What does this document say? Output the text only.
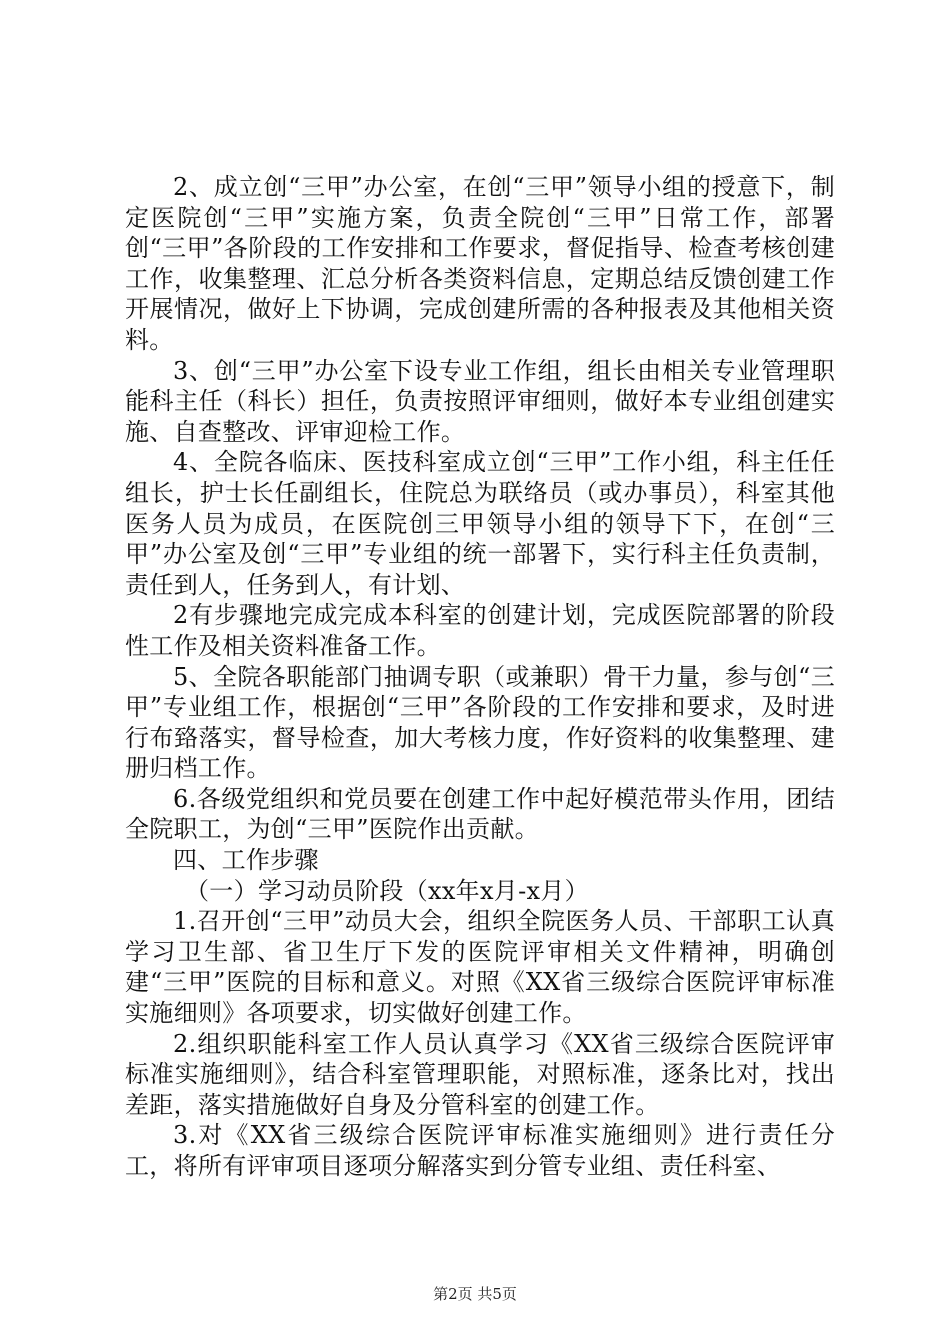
2、成立创“三甲”办公室，在创“三甲”领导小组的授意下，制定医院创“三甲”实施方案，负责全院创“三甲”日常工作，部署创“三甲”各阶段的工作安排和工作要求，督促指导、检查考核创建工作，收集整理、汇总分析各类资料信息，定期总结反馈创建工作开展情况，做好上下协调，完成创建所需的各种报表及其他相关资料。

3、创“三甲”办公室下设专业工作组，组长由相关专业管理职能科主任（科长）担任，负责按照评审细则，做好本专业组创建实施、自查整改、评审迎检工作。

4、全院各临床、医技科室成立创“三甲”工作小组，科主任任组长，护士长任副组长，住院总为联络员（或办事员），科室其他医务人员为成员，在医院创三甲领导小组的领导下下，在创“三甲”办公室及创“三甲”专业组的统一部署下，实行科主任负责制，责任到人，任务到人，有计划、

2有步骤地完成完成本科室的创建计划，完成医院部署的阶段性工作及相关资料准备工作。

5、全院各职能部门抽调专职（或兼职）骨干力量，参与创“三甲”专业组工作，根据创“三甲”各阶段的工作安排和要求，及时进行布臵落实，督导检查，加大考核力度，作好资料的收集整理、建册归档工作。

6.各级党组织和党员要在创建工作中起好模范带头作用，团结全院职工，为创“三甲”医院作出贡献。

四、工作步骤

（一）学习动员阶段（xx年x月-x月）

1.召开创“三甲”动员大会，组织全院医务人员、干部职工认真学习卫生部、省卫生厅下发的医院评审相关文件精神，明确创建“三甲”医院的目标和意义。对照《XX省三级综合医院评审标准实施细则》各项要求，切实做好创建工作。

2.组织职能科室工作人员认真学习《XX省三级综合医院评审标准实施细则》，结合科室管理职能，对照标准，逐条比对，找出差距，落实措施做好自身及分管科室的创建工作。

3.对《XX省三级综合医院评审标准实施细则》进行责任分工，将所有评审项目逐项分解落实到分管专业组、责任科室、

第2页 共5页
